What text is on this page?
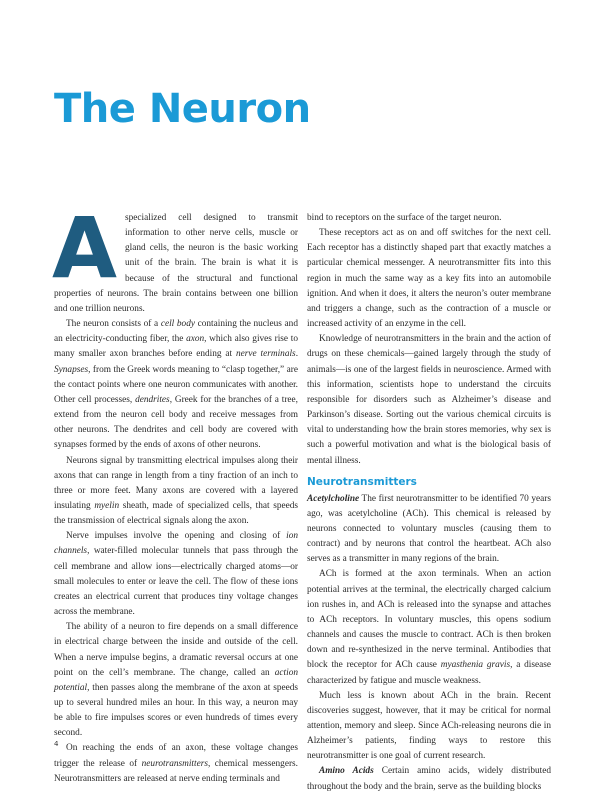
The Neuron

Aspecialized cell designed to transmit information to other nerve cells, muscle or gland cells, the neuron is the basic working unit of the brain. The brain is what it is because of the structural and functional properties of neurons. The brain contains between one billion and one trillion neurons.

The neuron consists of a cell body containing the nucleus and an electricity-conducting fiber, the axon, which also gives rise to many smaller axon branches before ending at nerve terminals. Synapses, from the Greek words meaning to “clasp together,” are the contact points where one neuron communicates with another. Other cell processes, dendrites, Greek for the branches of a tree, extend from the neuron cell body and receive messages from other neurons. The dendrites and cell body are covered with synapses formed by the ends of axons of other neurons.

Neurons signal by transmitting electrical impulses along their axons that can range in length from a tiny fraction of an inch to three or more feet. Many axons are covered with a layered insulating myelin sheath, made of specialized cells, that speeds the transmission of electrical signals along the axon.

Nerve impulses involve the opening and closing of ion channels, water-filled molecular tunnels that pass through the cell membrane and allow ions—electrically charged atoms—or small molecules to enter or leave the cell. The flow of these ions creates an electrical current that produces tiny voltage changes across the membrane.

The ability of a neuron to fire depends on a small difference in electrical charge between the inside and outside of the cell. When a nerve impulse begins, a dramatic reversal occurs at one point on the cell’s membrane. The change, called an action potential, then passes along the membrane of the axon at speeds up to several hundred miles an hour. In this way, a neuron may be able to fire impulses scores or even hundreds of times every second.

On reaching the ends of an axon, these voltage changes trigger the release of neurotransmitters, chemical messengers. Neurotransmitters are released at nerve ending terminals and

bind to receptors on the surface of the target neuron.

These receptors act as on and off switches for the next cell. Each receptor has a distinctly shaped part that exactly matches a particular chemical messenger. A neurotransmitter fits into this region in much the same way as a key fits into an automobile ignition. And when it does, it alters the neuron’s outer membrane and triggers a change, such as the contraction of a muscle or increased activity of an enzyme in the cell.

Knowledge of neurotransmitters in the brain and the action of drugs on these chemicals—gained largely through the study of animals—is one of the largest fields in neuroscience. Armed with this information, scientists hope to understand the circuits responsible for disorders such as Alzheimer’s disease and Parkinson’s disease. Sorting out the various chemical circuits is vital to understanding how the brain stores memories, why sex is such a powerful motivation and what is the biological basis of mental illness.

Neurotransmitters

Acetylcholine The first neurotransmitter to be identified 70 years ago, was acetylcholine (ACh). This chemical is released by neurons connected to voluntary muscles (causing them to contract) and by neurons that control the heartbeat. ACh also serves as a transmitter in many regions of the brain.

ACh is formed at the axon terminals. When an action potential arrives at the terminal, the electrically charged calcium ion rushes in, and ACh is released into the synapse and attaches to ACh receptors. In voluntary muscles, this opens sodium channels and causes the muscle to contract. ACh is then broken down and re-synthesized in the nerve terminal. Antibodies that block the receptor for ACh cause myasthenia gravis, a disease characterized by fatigue and muscle weakness.

Much less is known about ACh in the brain. Recent discoveries suggest, however, that it may be critical for normal attention, memory and sleep. Since ACh-releasing neurons die in Alzheimer’s patients, finding ways to restore this neurotransmitter is one goal of current research.

Amino Acids Certain amino acids, widely distributed throughout the body and the brain, serve as the building blocks

4
